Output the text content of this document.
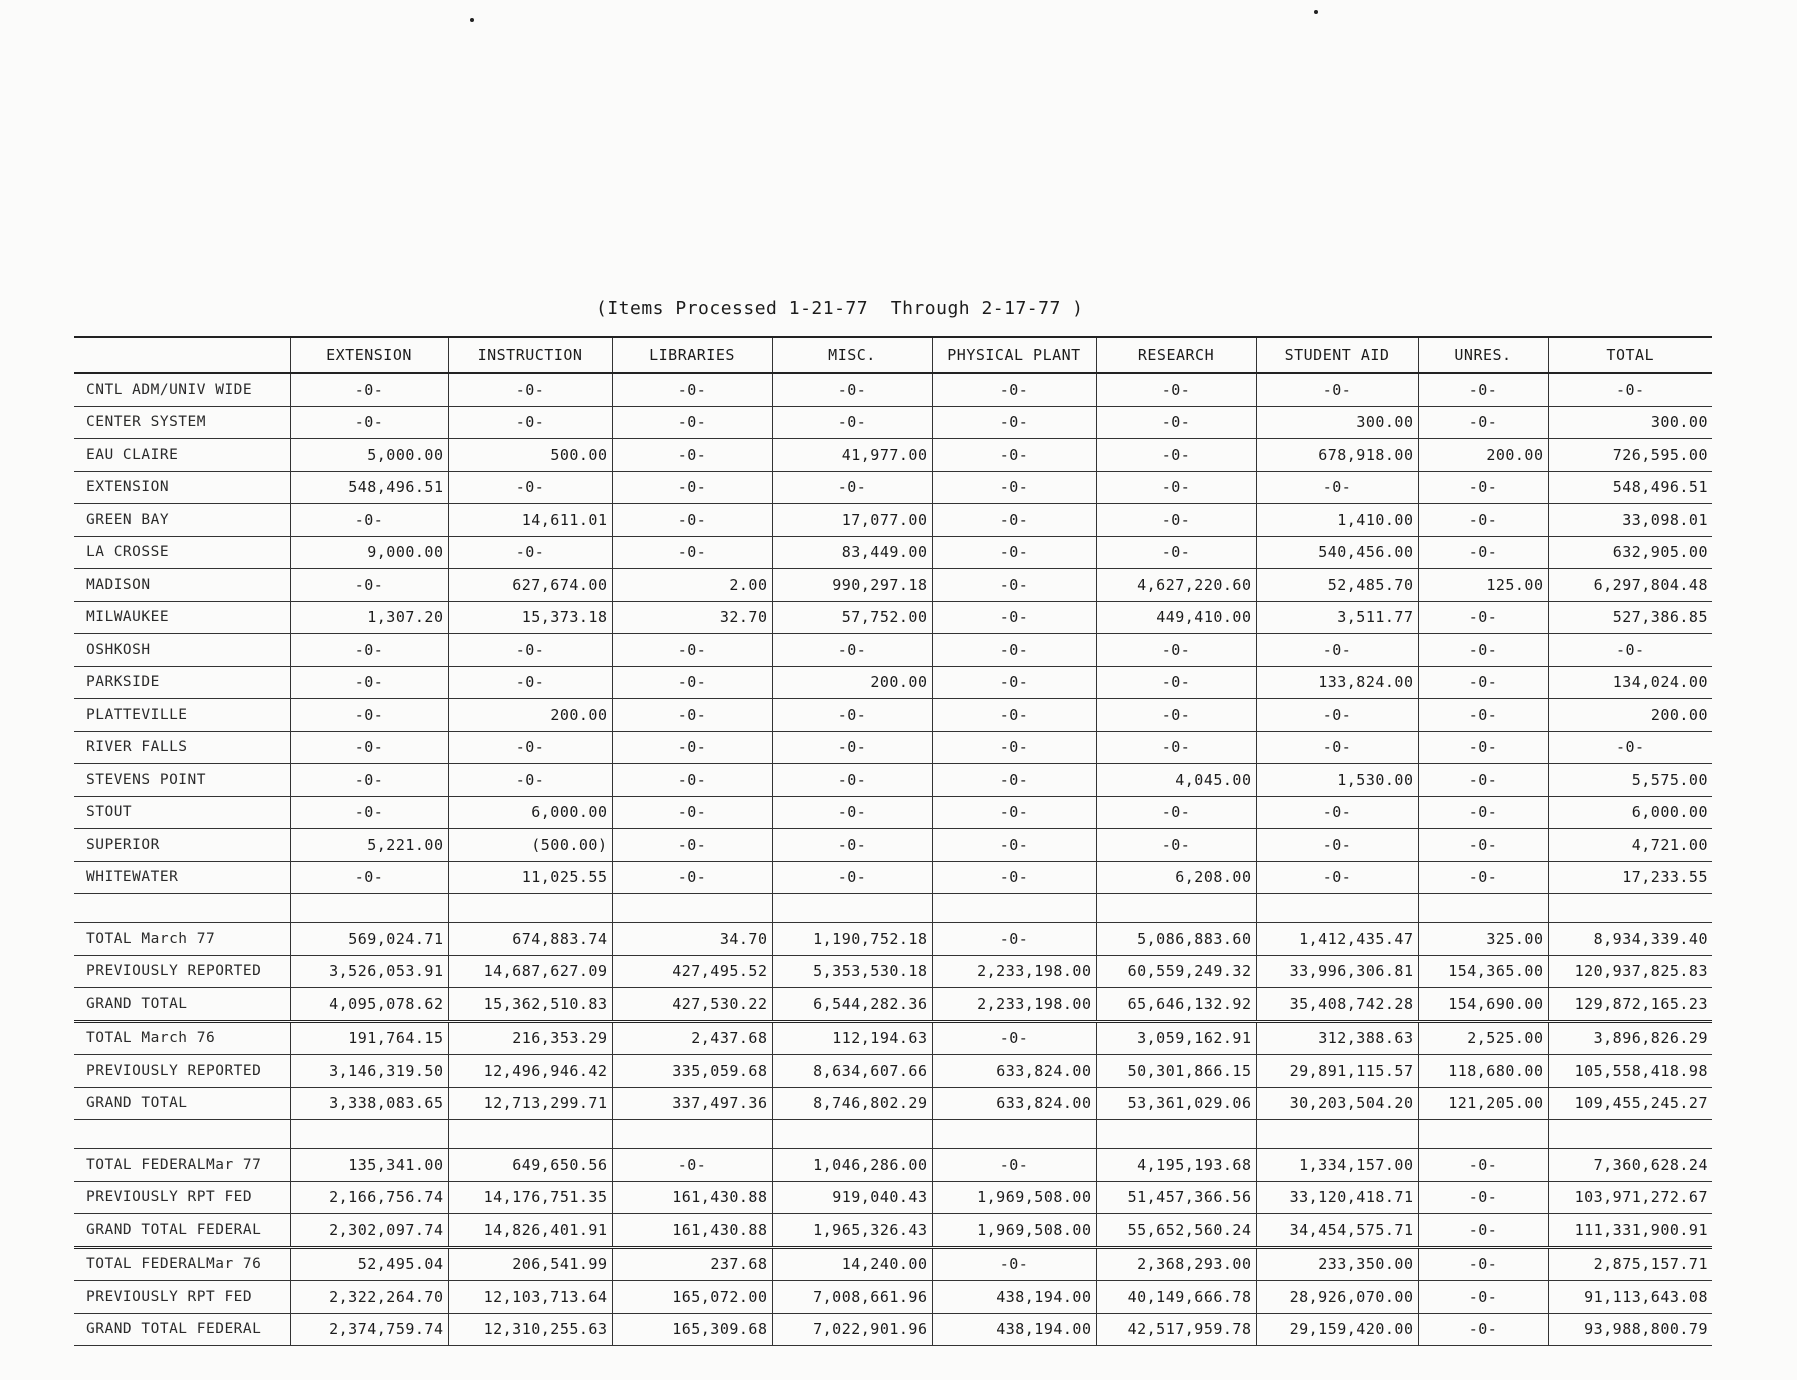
(Items Processed 1-21-77  Through 2-17-77 )
	EXTENSION	INSTRUCTION	LIBRARIES	MISC.	PHYSICAL PLANT	RESEARCH	STUDENT AID	UNRES.	TOTAL
CNTL ADM/UNIV WIDE	-0-	-0-	-0-	-0-	-0-	-0-	-0-	-0-	-0-
CENTER SYSTEM	-0-	-0-	-0-	-0-	-0-	-0-	300.00	-0-	300.00
EAU CLAIRE	5,000.00	500.00	-0-	41,977.00	-0-	-0-	678,918.00	200.00	726,595.00
EXTENSION	548,496.51	-0-	-0-	-0-	-0-	-0-	-0-	-0-	548,496.51
GREEN BAY	-0-	14,611.01	-0-	17,077.00	-0-	-0-	1,410.00	-0-	33,098.01
LA CROSSE	9,000.00	-0-	-0-	83,449.00	-0-	-0-	540,456.00	-0-	632,905.00
MADISON	-0-	627,674.00	2.00	990,297.18	-0-	4,627,220.60	52,485.70	125.00	6,297,804.48
MILWAUKEE	1,307.20	15,373.18	32.70	57,752.00	-0-	449,410.00	3,511.77	-0-	527,386.85
OSHKOSH	-0-	-0-	-0-	-0-	-0-	-0-	-0-	-0-	-0-
PARKSIDE	-0-	-0-	-0-	200.00	-0-	-0-	133,824.00	-0-	134,024.00
PLATTEVILLE	-0-	200.00	-0-	-0-	-0-	-0-	-0-	-0-	200.00
RIVER FALLS	-0-	-0-	-0-	-0-	-0-	-0-	-0-	-0-	-0-
STEVENS POINT	-0-	-0-	-0-	-0-	-0-	4,045.00	1,530.00	-0-	5,575.00
STOUT	-0-	6,000.00	-0-	-0-	-0-	-0-	-0-	-0-	6,000.00
SUPERIOR	5,221.00	(500.00)	-0-	-0-	-0-	-0-	-0-	-0-	4,721.00
WHITEWATER	-0-	11,025.55	-0-	-0-	-0-	6,208.00	-0-	-0-	17,233.55

TOTAL March 77	569,024.71	674,883.74	34.70	1,190,752.18	-0-	5,086,883.60	1,412,435.47	325.00	8,934,339.40
PREVIOUSLY REPORTED	3,526,053.91	14,687,627.09	427,495.52	5,353,530.18	2,233,198.00	60,559,249.32	33,996,306.81	154,365.00	120,937,825.83
GRAND TOTAL	4,095,078.62	15,362,510.83	427,530.22	6,544,282.36	2,233,198.00	65,646,132.92	35,408,742.28	154,690.00	129,872,165.23
TOTAL March 76	191,764.15	216,353.29	2,437.68	112,194.63	-0-	3,059,162.91	312,388.63	2,525.00	3,896,826.29
PREVIOUSLY REPORTED	3,146,319.50	12,496,946.42	335,059.68	8,634,607.66	633,824.00	50,301,866.15	29,891,115.57	118,680.00	105,558,418.98
GRAND TOTAL	3,338,083.65	12,713,299.71	337,497.36	8,746,802.29	633,824.00	53,361,029.06	30,203,504.20	121,205.00	109,455,245.27

TOTAL FEDERALMar 77	135,341.00	649,650.56	-0-	1,046,286.00	-0-	4,195,193.68	1,334,157.00	-0-	7,360,628.24
PREVIOUSLY RPT FED	2,166,756.74	14,176,751.35	161,430.88	919,040.43	1,969,508.00	51,457,366.56	33,120,418.71	-0-	103,971,272.67
GRAND TOTAL FEDERAL	2,302,097.74	14,826,401.91	161,430.88	1,965,326.43	1,969,508.00	55,652,560.24	34,454,575.71	-0-	111,331,900.91
TOTAL FEDERALMar 76	52,495.04	206,541.99	237.68	14,240.00	-0-	2,368,293.00	233,350.00	-0-	2,875,157.71
PREVIOUSLY RPT FED	2,322,264.70	12,103,713.64	165,072.00	7,008,661.96	438,194.00	40,149,666.78	28,926,070.00	-0-	91,113,643.08
GRAND TOTAL FEDERAL	2,374,759.74	12,310,255.63	165,309.68	7,022,901.96	438,194.00	42,517,959.78	29,159,420.00	-0-	93,988,800.79
